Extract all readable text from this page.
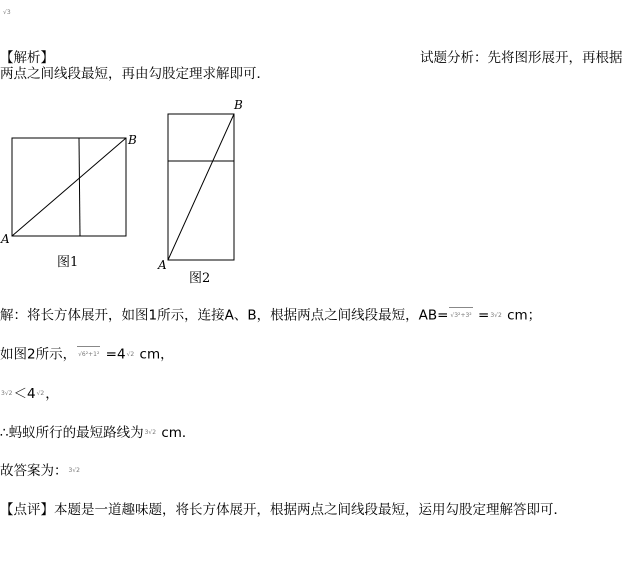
√3
【解析】	试题分析：先将图形展开，再根据
两点之间线段最短，再由勾股定理求解即可．
A
B
图1	A
B
图2
解：将长方体展开，如图1所示，连接A、B，根据两点之间线段最短，AB= √3²+3² =3√2 cm；
如图2所示， √6²+1² =4√2 cm，
3√2＜4√2，
∴蚂蚁所行的最短路线为3√2 cm．
故答案为：3√2
【点评】本题是一道趣味题，将长方体展开，根据两点之间线段最短，运用勾股定理解答即可．
